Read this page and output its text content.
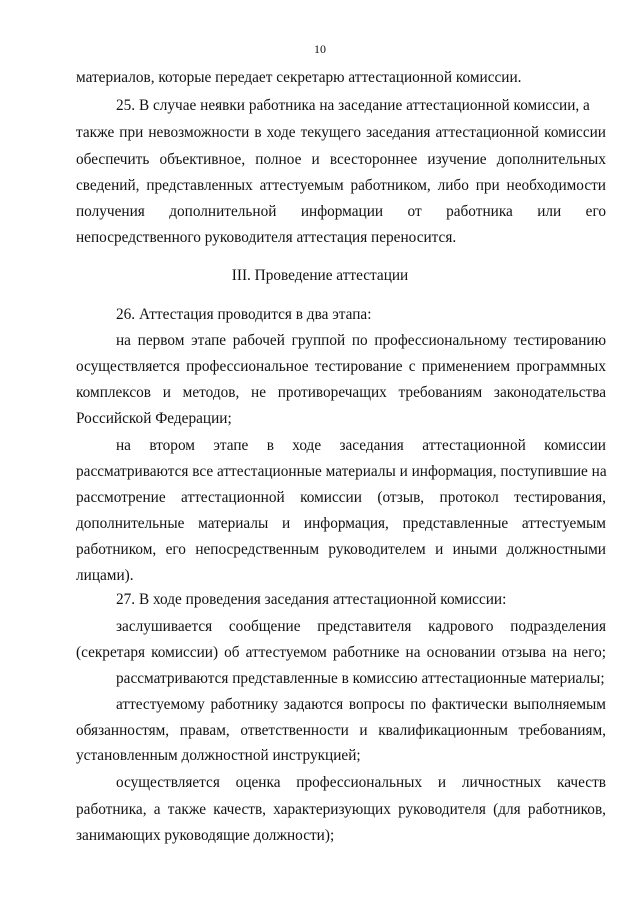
10
материалов, которые передает секретарю аттестационной комиссии.
25. В случае неявки работника на заседание аттестационной комиссии, а
также при невозможности в ходе текущего заседания аттестационной комиссии
обеспечить объективное, полное и всестороннее изучение дополнительных
сведений, представленных аттестуемым работником, либо при необходимости
получения дополнительной информации от работника или его
непосредственного руководителя аттестация переносится.
III. Проведение аттестации
26. Аттестация проводится в два этапа:
на первом этапе рабочей группой по профессиональному тестированию
осуществляется профессиональное тестирование с применением программных
комплексов и методов, не противоречащих требованиям законодательства
Российской Федерации;
на втором этапе в ходе заседания аттестационной комиссии
рассматриваются все аттестационные материалы и информация, поступившие на
рассмотрение аттестационной комиссии (отзыв, протокол тестирования,
дополнительные материалы и информация, представленные аттестуемым
работником, его непосредственным руководителем и иными должностными
лицами).
27. В ходе проведения заседания аттестационной комиссии:
заслушивается сообщение представителя кадрового подразделения
(секретаря комиссии) об аттестуемом работнике на основании отзыва на него;
рассматриваются представленные в комиссию аттестационные материалы;
аттестуемому работнику задаются вопросы по фактически выполняемым
обязанностям, правам, ответственности и квалификационным требованиям,
установленным должностной инструкцией;
осуществляется оценка профессиональных и личностных качеств
работника, а также качеств, характеризующих руководителя (для работников,
занимающих руководящие должности);
